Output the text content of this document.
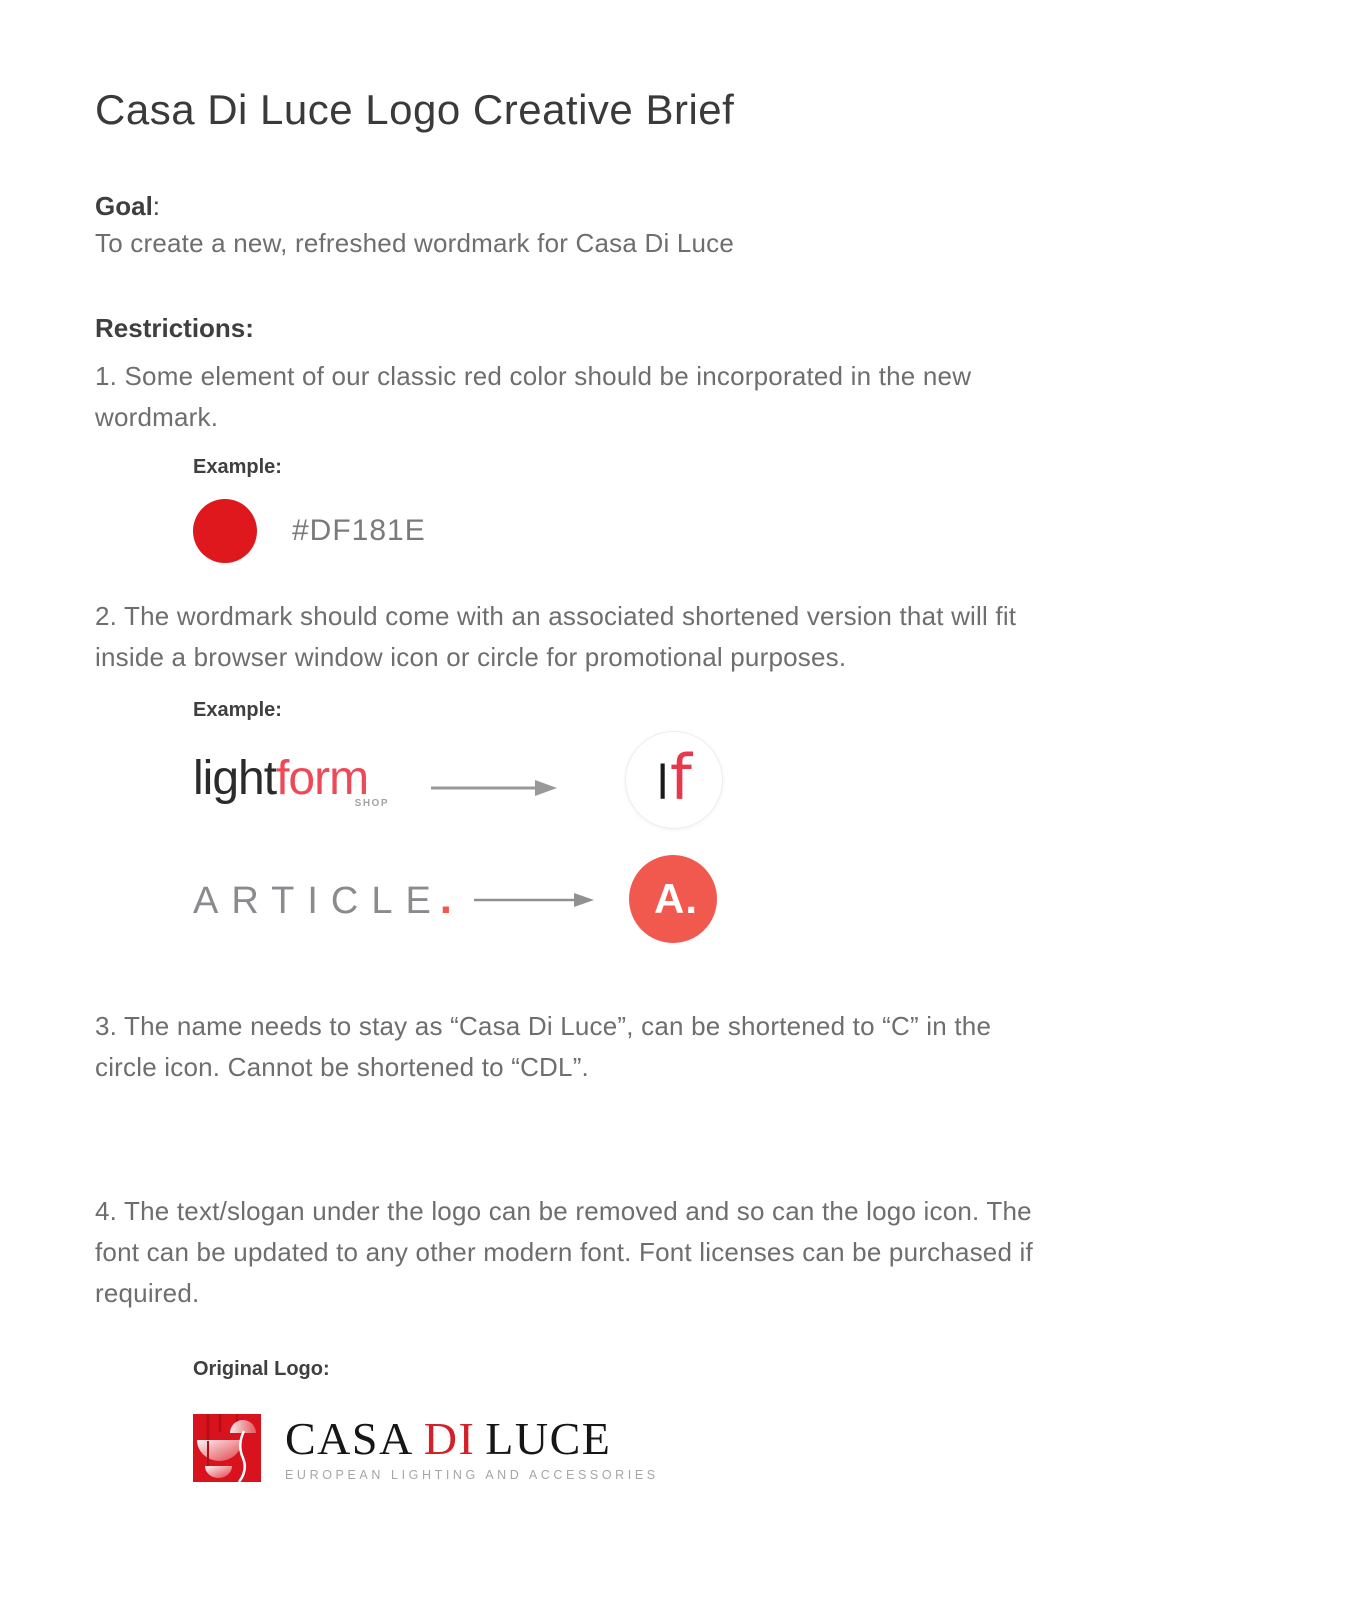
Casa Di Luce Logo Creative Brief
Goal:
To create a new, refreshed wordmark for Casa Di Luce
Restrictions:
1. Some element of our classic red color should be incorporated in the new wordmark.
Example:
#DF181E
2. The wordmark should come with an associated shortened version that will fit inside a browser window icon or circle for promotional purposes.
Example:
lightform
SHOP	l f
ARTICLE.	A.
3. The name needs to stay as “Casa Di Luce”, can be shortened to “C” in the circle icon. Cannot be shortened to “CDL”.
4. The text/slogan under the logo can be removed and so can the logo icon. The font can be updated to any other modern font. Font licenses can be purchased if required.
Original Logo:
CASA DI LUCE
EUROPEAN LIGHTING AND ACCESSORIES
